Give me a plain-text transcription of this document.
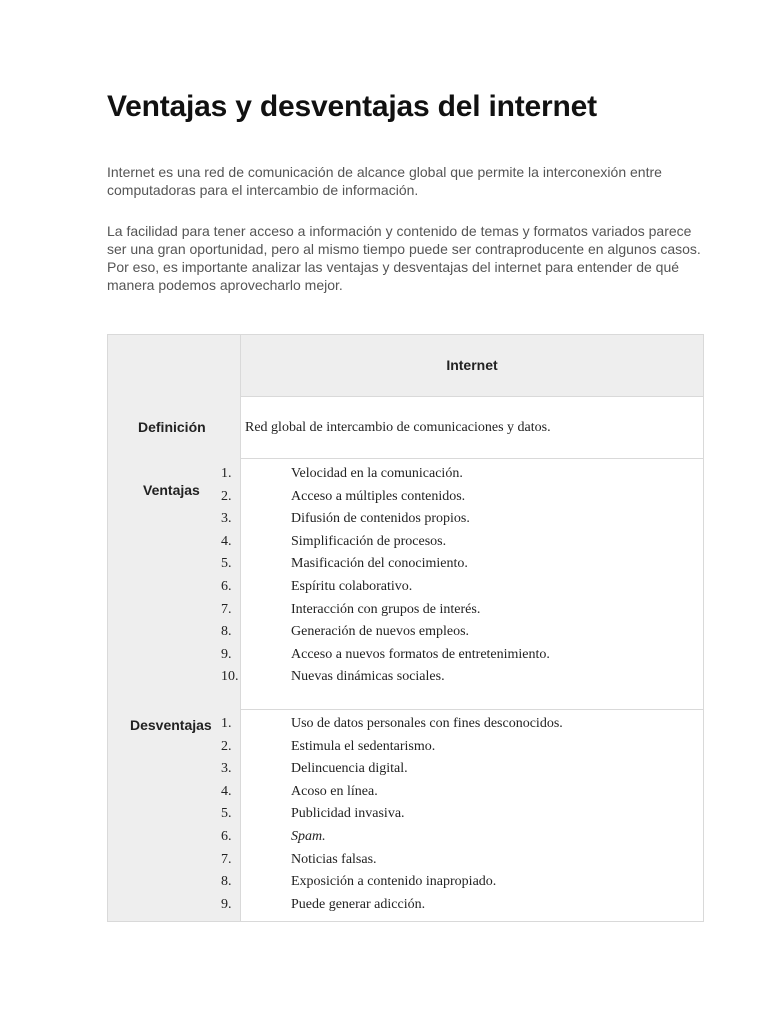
Ventajas y desventajas del internet

Internet es una red de comunicación de alcance global que permite la interconexión entre computadoras para el intercambio de información.

La facilidad para tener acceso a información y contenido de temas y formatos variados parece ser una gran oportunidad, pero al mismo tiempo puede ser contraproducente en algunos casos. Por eso, es importante analizar las ventajas y desventajas del internet para entender de qué manera podemos aprovecharlo mejor.

Internet
Definición	Red global de intercambio de comunicaciones y datos.
Ventajas
1.	Velocidad en la comunicación.
2.	Acceso a múltiples contenidos.
3.	Difusión de contenidos propios.
4.	Simplificación de procesos.
5.	Masificación del conocimiento.
6.	Espíritu colaborativo.
7.	Interacción con grupos de interés.
8.	Generación de nuevos empleos.
9.	Acceso a nuevos formatos de entretenimiento.
10.	Nuevas dinámicas sociales.
Desventajas 1.	Uso de datos personales con fines desconocidos.
2.	Estimula el sedentarismo.
3.	Delincuencia digital.
4.	Acoso en línea.
5.	Publicidad invasiva.
6.	Spam.
7.	Noticias falsas.
8.	Exposición a contenido inapropiado.
9.	Puede generar adicción.
